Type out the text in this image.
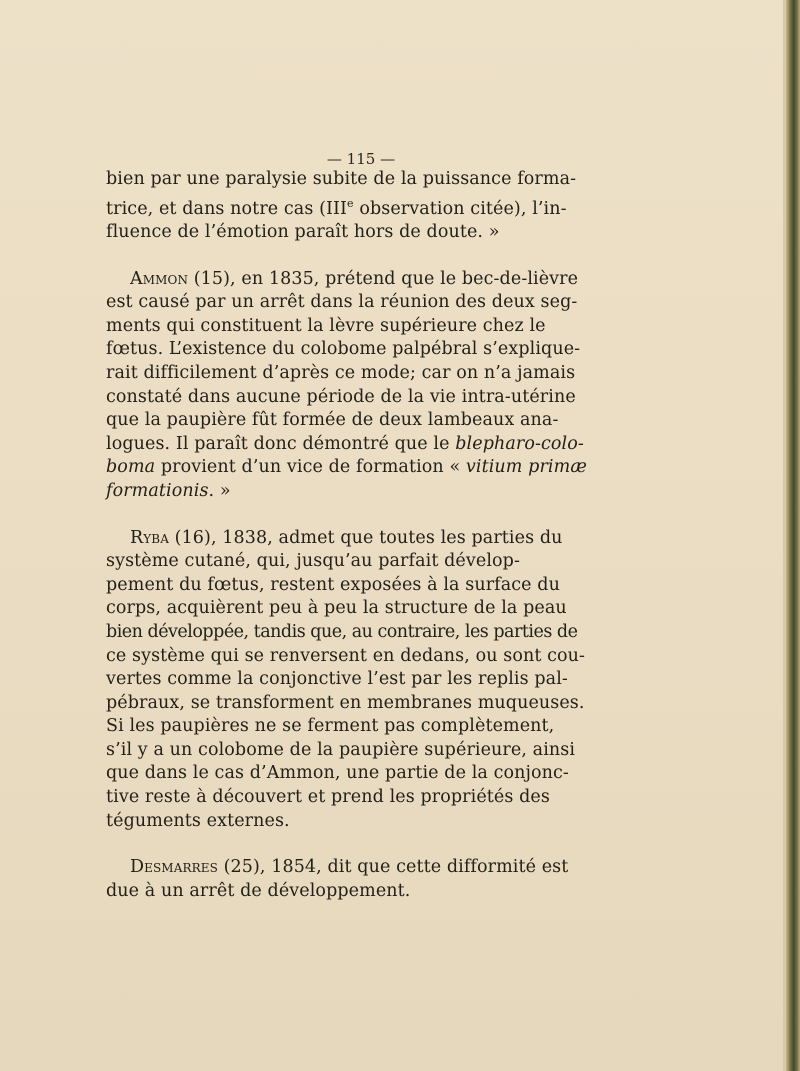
— 115 —

bien par une paralysie subite de la puissance forma-
trice, et dans notre cas (IIIe observation citée), l’in-
fluence de l’émotion paraît hors de doute. »

Ammon (15), en 1835, prétend que le bec-de-lièvre
est causé par un arrêt dans la réunion des deux seg-
ments qui constituent la lèvre supérieure chez le
fœtus. L’existence du colobome palpébral s’explique-
rait difficilement d’après ce mode; car on n’a jamais
constaté dans aucune période de la vie intra-utérine
que la paupière fût formée de deux lambeaux ana-
logues. Il paraît donc démontré que le blepharo-colo-
boma provient d’un vice de formation « vitium primæ
formationis. »

Ryba (16), 1838, admet que toutes les parties du
système cutané, qui, jusqu’au parfait dévelop-
pement du fœtus, restent exposées à la surface du
corps, acquièrent peu à peu la structure de la peau
bien développée, tandis que, au contraire, les parties de
ce système qui se renversent en dedans, ou sont cou-
vertes comme la conjonctive l’est par les replis pal-
pébraux, se transforment en membranes muqueuses.
Si les paupières ne se ferment pas complètement,
s’il y a un colobome de la paupière supérieure, ainsi
que dans le cas d’Ammon, une partie de la conjonc-
tive reste à découvert et prend les propriétés des
téguments externes.

Desmarres (25), 1854, dit que cette difformité est
due à un arrêt de développement.
